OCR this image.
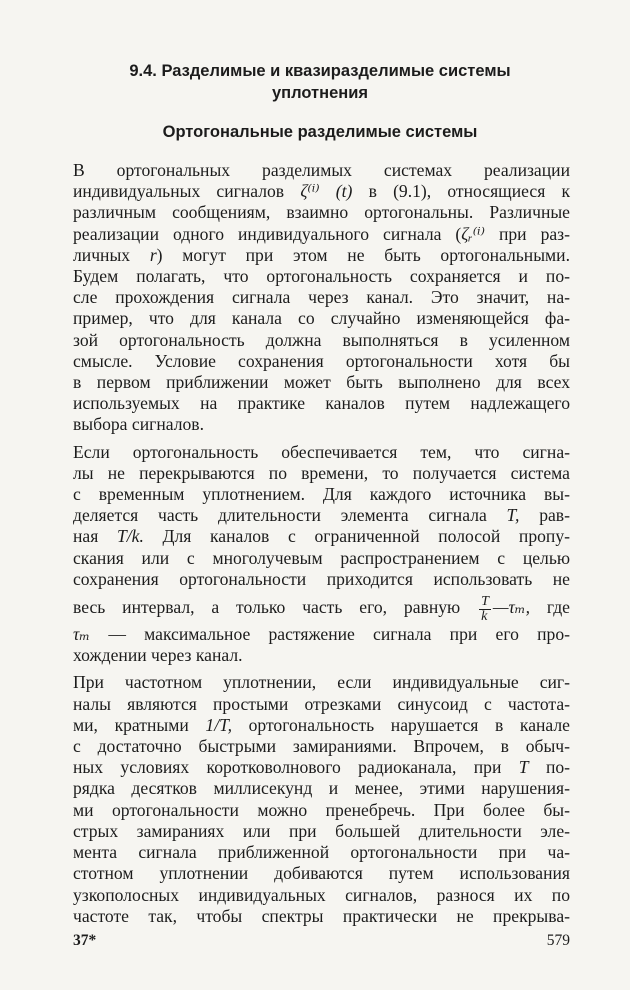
9.4. Разделимые и квазиразделимые системы
уплотнения
Ортогональные разделимые системы

В ортогональных разделимых системах реализации
индивидуальных сигналов ζ⁽ⁱ⁾ (t) в (9.1), относящиеся к
различным сообщениям, взаимно ортогональны. Различные
реализации одного индивидуального сигнала (ζᵣ⁽ⁱ⁾ при раз-
личных r) могут при этом не быть ортогональными.
Будем полагать, что ортогональность сохраняется и по-
сле прохождения сигнала через канал. Это значит, на-
пример, что для канала со случайно изменяющейся фа-
зой ортогональность должна выполняться в усиленном
смысле. Условие сохранения ортогональности хотя бы
в первом приближении может быть выполнено для всех
используемых на практике каналов путем надлежащего
выбора сигналов.

Если ортогональность обеспечивается тем, что сигна-
лы не перекрываются по времени, то получается система
с временным уплотнением. Для каждого источника вы-
деляется часть длительности элемента сигнала T, рав-
ная T/k. Для каналов с ограниченной полосой пропу-
скания или с многолучевым распространением с целью
сохранения ортогональности приходится использовать не
весь интервал, а только часть его, равную $\frac{T}{k}$ —τₘ, где
τₘ — максимальное растяжение сигнала при его про-
хождении через канал.

При частотном уплотнении, если индивидуальные сиг-
налы являются простыми отрезками синусоид с частота-
ми, кратными 1/T, ортогональность нарушается в канале
с достаточно быстрыми замираниями. Впрочем, в обыч-
ных условиях коротковолнового радиоканала, при T по-
рядка десятков миллисекунд и менее, этими нарушения-
ми ортогональности можно пренебречь. При более бы-
стрых замираниях или при большей длительности эле-
мента сигнала приближенной ортогональности при ча-
стотном уплотнении добиваются путем использования
узкополосных индивидуальных сигналов, разнося их по
частоте так, чтобы спектры практически не прекрыва-

37*	579
